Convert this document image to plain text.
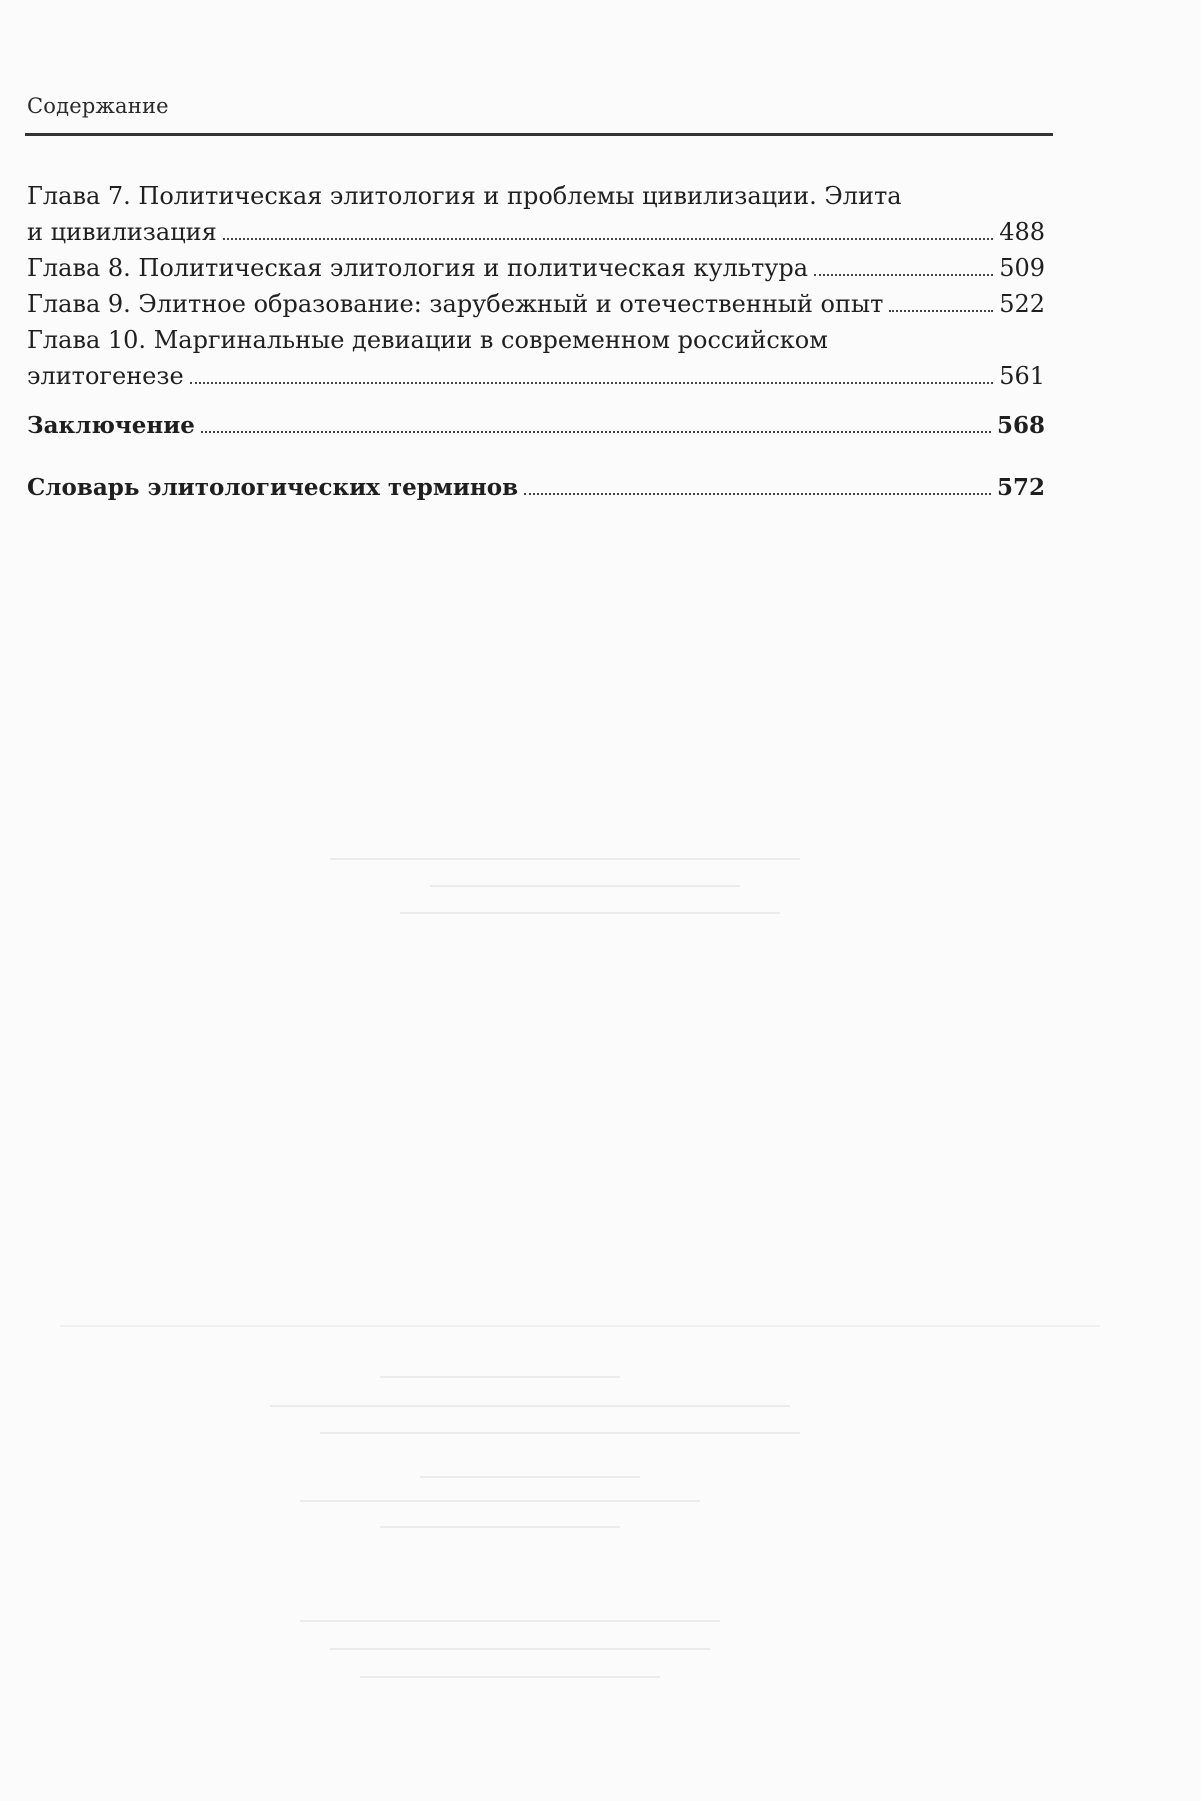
Содержание
Глава 7. Политическая элитология и проблемы цивилизации. Элита
и цивилизация	488
Глава 8. Политическая элитология и политическая культура	509
Глава 9. Элитное образование: зарубежный и отечественный опыт	522
Глава 10. Маргинальные девиации в современном российском
элитогенезе	561
Заключение	568
Словарь элитологических терминов	572
